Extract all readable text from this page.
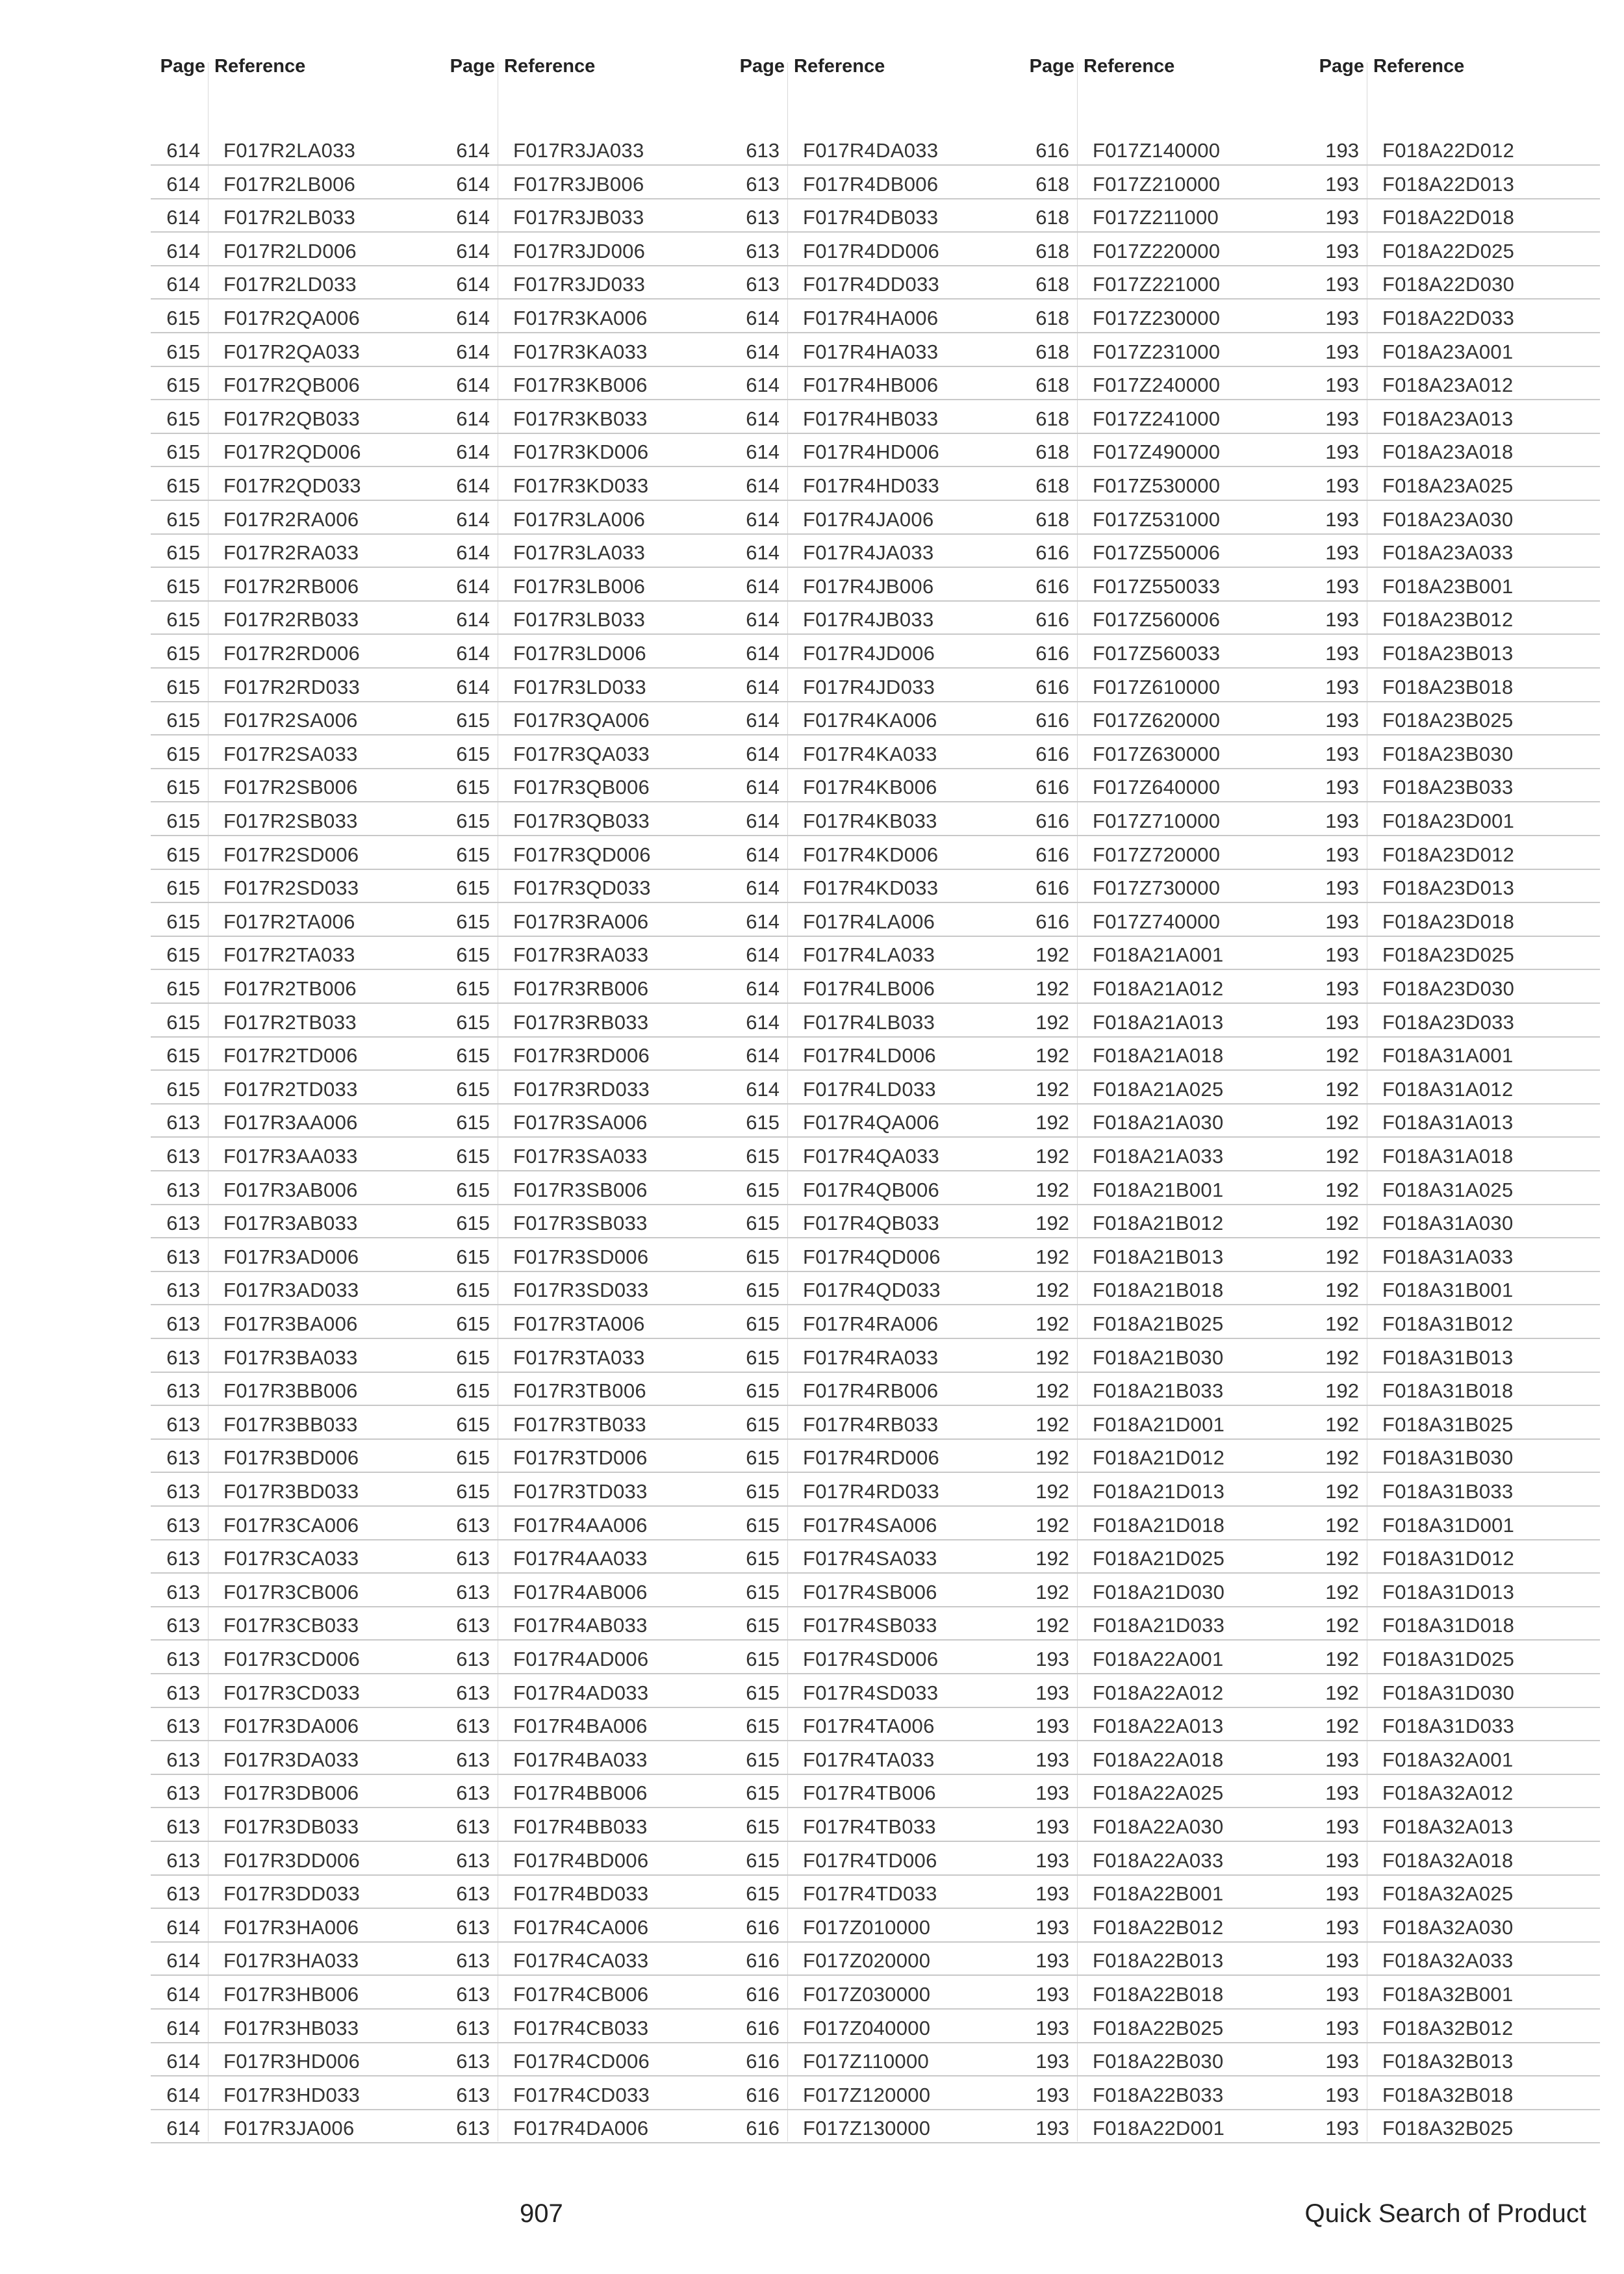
Page Reference
614 F017R2LA033
614 F017R2LB006
614 F017R2LB033
614 F017R2LD006
614 F017R2LD033
615 F017R2QA006
615 F017R2QA033
615 F017R2QB006
615 F017R2QB033
615 F017R2QD006
615 F017R2QD033
615 F017R2RA006
615 F017R2RA033
615 F017R2RB006
615 F017R2RB033
615 F017R2RD006
615 F017R2RD033
615 F017R2SA006
615 F017R2SA033
615 F017R2SB006
615 F017R2SB033
615 F017R2SD006
615 F017R2SD033
615 F017R2TA006
615 F017R2TA033
615 F017R2TB006
615 F017R2TB033
615 F017R2TD006
615 F017R2TD033
613 F017R3AA006
613 F017R3AA033
613 F017R3AB006
613 F017R3AB033
613 F017R3AD006
613 F017R3AD033
613 F017R3BA006
613 F017R3BA033
613 F017R3BB006
613 F017R3BB033
613 F017R3BD006
613 F017R3BD033
613 F017R3CA006
613 F017R3CA033
613 F017R3CB006
613 F017R3CB033
613 F017R3CD006
613 F017R3CD033
613 F017R3DA006
613 F017R3DA033
613 F017R3DB006
613 F017R3DB033
613 F017R3DD006
613 F017R3DD033
614 F017R3HA006
614 F017R3HA033
614 F017R3HB006
614 F017R3HB033
614 F017R3HD006
614 F017R3HD033
614 F017R3JA006
Page Reference
614 F017R3JA033
614 F017R3JB006
614 F017R3JB033
614 F017R3JD006
614 F017R3JD033
614 F017R3KA006
614 F017R3KA033
614 F017R3KB006
614 F017R3KB033
614 F017R3KD006
614 F017R3KD033
614 F017R3LA006
614 F017R3LA033
614 F017R3LB006
614 F017R3LB033
614 F017R3LD006
614 F017R3LD033
615 F017R3QA006
615 F017R3QA033
615 F017R3QB006
615 F017R3QB033
615 F017R3QD006
615 F017R3QD033
615 F017R3RA006
615 F017R3RA033
615 F017R3RB006
615 F017R3RB033
615 F017R3RD006
615 F017R3RD033
615 F017R3SA006
615 F017R3SA033
615 F017R3SB006
615 F017R3SB033
615 F017R3SD006
615 F017R3SD033
615 F017R3TA006
615 F017R3TA033
615 F017R3TB006
615 F017R3TB033
615 F017R3TD006
615 F017R3TD033
613 F017R4AA006
613 F017R4AA033
613 F017R4AB006
613 F017R4AB033
613 F017R4AD006
613 F017R4AD033
613 F017R4BA006
613 F017R4BA033
613 F017R4BB006
613 F017R4BB033
613 F017R4BD006
613 F017R4BD033
613 F017R4CA006
613 F017R4CA033
613 F017R4CB006
613 F017R4CB033
613 F017R4CD006
613 F017R4CD033
613 F017R4DA006
Page Reference
613 F017R4DA033
613 F017R4DB006
613 F017R4DB033
613 F017R4DD006
613 F017R4DD033
614 F017R4HA006
614 F017R4HA033
614 F017R4HB006
614 F017R4HB033
614 F017R4HD006
614 F017R4HD033
614 F017R4JA006
614 F017R4JA033
614 F017R4JB006
614 F017R4JB033
614 F017R4JD006
614 F017R4JD033
614 F017R4KA006
614 F017R4KA033
614 F017R4KB006
614 F017R4KB033
614 F017R4KD006
614 F017R4KD033
614 F017R4LA006
614 F017R4LA033
614 F017R4LB006
614 F017R4LB033
614 F017R4LD006
614 F017R4LD033
615 F017R4QA006
615 F017R4QA033
615 F017R4QB006
615 F017R4QB033
615 F017R4QD006
615 F017R4QD033
615 F017R4RA006
615 F017R4RA033
615 F017R4RB006
615 F017R4RB033
615 F017R4RD006
615 F017R4RD033
615 F017R4SA006
615 F017R4SA033
615 F017R4SB006
615 F017R4SB033
615 F017R4SD006
615 F017R4SD033
615 F017R4TA006
615 F017R4TA033
615 F017R4TB006
615 F017R4TB033
615 F017R4TD006
615 F017R4TD033
616 F017Z010000
616 F017Z020000
616 F017Z030000
616 F017Z040000
616 F017Z110000
616 F017Z120000
616 F017Z130000
Page Reference
616 F017Z140000
618 F017Z210000
618 F017Z211000
618 F017Z220000
618 F017Z221000
618 F017Z230000
618 F017Z231000
618 F017Z240000
618 F017Z241000
618 F017Z490000
618 F017Z530000
618 F017Z531000
616 F017Z550006
616 F017Z550033
616 F017Z560006
616 F017Z560033
616 F017Z610000
616 F017Z620000
616 F017Z630000
616 F017Z640000
616 F017Z710000
616 F017Z720000
616 F017Z730000
616 F017Z740000
192 F018A21A001
192 F018A21A012
192 F018A21A013
192 F018A21A018
192 F018A21A025
192 F018A21A030
192 F018A21A033
192 F018A21B001
192 F018A21B012
192 F018A21B013
192 F018A21B018
192 F018A21B025
192 F018A21B030
192 F018A21B033
192 F018A21D001
192 F018A21D012
192 F018A21D013
192 F018A21D018
192 F018A21D025
192 F018A21D030
192 F018A21D033
193 F018A22A001
193 F018A22A012
193 F018A22A013
193 F018A22A018
193 F018A22A025
193 F018A22A030
193 F018A22A033
193 F018A22B001
193 F018A22B012
193 F018A22B013
193 F018A22B018
193 F018A22B025
193 F018A22B030
193 F018A22B033
193 F018A22D001
Page Reference
193 F018A22D012
193 F018A22D013
193 F018A22D018
193 F018A22D025
193 F018A22D030
193 F018A22D033
193 F018A23A001
193 F018A23A012
193 F018A23A013
193 F018A23A018
193 F018A23A025
193 F018A23A030
193 F018A23A033
193 F018A23B001
193 F018A23B012
193 F018A23B013
193 F018A23B018
193 F018A23B025
193 F018A23B030
193 F018A23B033
193 F018A23D001
193 F018A23D012
193 F018A23D013
193 F018A23D018
193 F018A23D025
193 F018A23D030
193 F018A23D033
192 F018A31A001
192 F018A31A012
192 F018A31A013
192 F018A31A018
192 F018A31A025
192 F018A31A030
192 F018A31A033
192 F018A31B001
192 F018A31B012
192 F018A31B013
192 F018A31B018
192 F018A31B025
192 F018A31B030
192 F018A31B033
192 F018A31D001
192 F018A31D012
192 F018A31D013
192 F018A31D018
192 F018A31D025
192 F018A31D030
192 F018A31D033
193 F018A32A001
193 F018A32A012
193 F018A32A013
193 F018A32A018
193 F018A32A025
193 F018A32A030
193 F018A32A033
193 F018A32B001
193 F018A32B012
193 F018A32B013
193 F018A32B018
193 F018A32B025
907	Quick Search of Product
